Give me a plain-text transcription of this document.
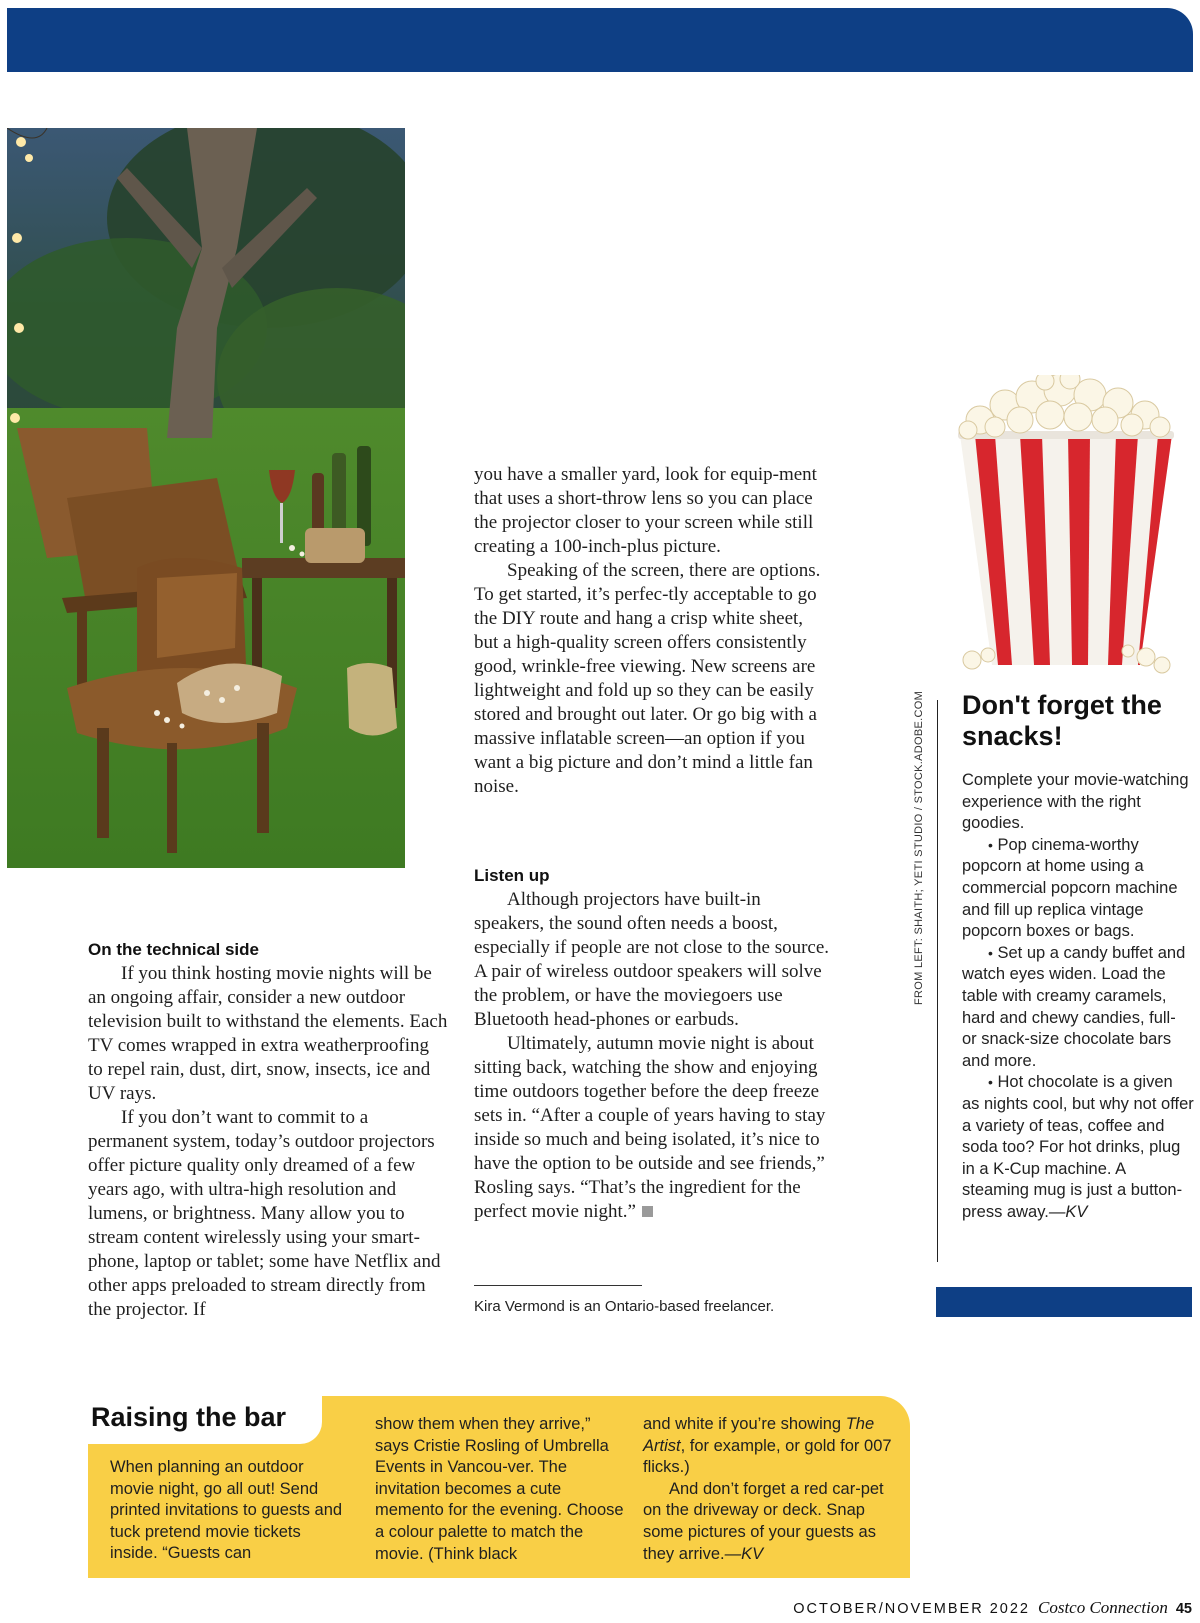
On the technical side

If you think hosting movie nights will be an ongoing affair, consider a new outdoor television built to withstand the elements. Each TV comes wrapped in extra weatherproofing to repel rain, dust, dirt, snow, insects, ice and UV rays.

If you don’t want to commit to a permanent system, today’s outdoor projectors offer picture quality only dreamed of a few years ago, with ultra-high resolution and lumens, or brightness. Many allow you to stream content wirelessly using your smart-phone, laptop or tablet; some have Netflix and other apps preloaded to stream directly from the projector. If

you have a smaller yard, look for equip-ment that uses a short-throw lens so you can place the projector closer to your screen while still creating a 100-inch-plus picture.

Speaking of the screen, there are options. To get started, it’s perfec-tly acceptable to go the DIY route and hang a crisp white sheet, but a high-quality screen offers consistently good, wrinkle-free viewing. New screens are lightweight and fold up so they can be easily stored and brought out later. Or go big with a massive inflatable screen—an option if you want a big picture and don’t mind a little fan noise.

Listen up

Although projectors have built-in speakers, the sound often needs a boost, especially if people are not close to the source. A pair of wireless outdoor speakers will solve the problem, or have the moviegoers use Bluetooth head-phones or earbuds.

Ultimately, autumn movie night is about sitting back, watching the show and enjoying time outdoors together before the deep freeze sets in. “After a couple of years having to stay inside so much and being isolated, it’s nice to have the option to be outside and see friends,” Rosling says. “That’s the ingredient for the perfect movie night.”

Kira Vermond is an Ontario-based freelancer.
FROM LEFT: SHAITH; YETI STUDIO / STOCK.ADOBE.COM Don't forget the snacks!

Complete your movie-watching experience with the right goodies.

• Pop cinema-worthy popcorn at home using a commercial popcorn machine and fill up replica vintage popcorn boxes or bags.

• Set up a candy buffet and watch eyes widen. Load the table with creamy caramels, hard and chewy candies, full- or snack-size chocolate bars and more.

• Hot chocolate is a given as nights cool, but why not offer a variety of teas, coffee and soda too? For hot drinks, plug in a K-Cup machine. A steaming mug is just a button-press away.—KV

Raising the bar

When planning an outdoor movie night, go all out! Send printed invitations to guests and tuck pretend movie tickets inside. “Guests can

show them when they arrive,” says Cristie Rosling of Umbrella Events in Vancou-ver. The invitation becomes a cute memento for the evening. Choose a colour palette to match the movie. (Think black

and white if you’re showing The Artist, for example, or gold for 007 flicks.)

And don’t forget a red car-pet on the driveway or deck. Snap some pictures of your guests as they arrive.—KV

OCTOBER/NOVEMBER 2022 Costco Connection 45
